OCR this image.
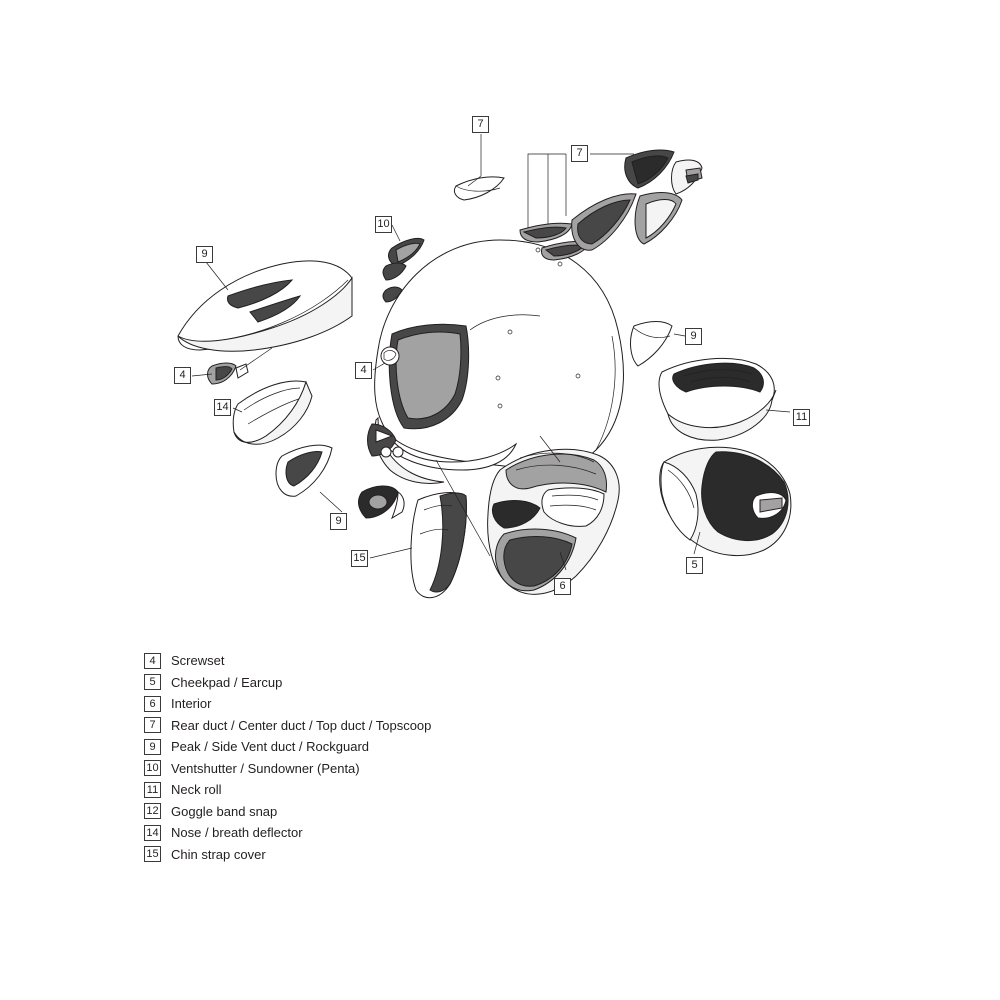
7
7
10
9
4	4
9
11
14
9
15
6
5
4	Screwset
5	Cheekpad / Earcup
6	Interior
7	Rear duct / Center duct / Top duct / Topscoop
9	Peak / Side Vent duct / Rockguard
10 Ventshutter / Sundowner (Penta)
11 Neck roll
12 Goggle band snap
14 Nose / breath deflector
15 Chin strap cover
